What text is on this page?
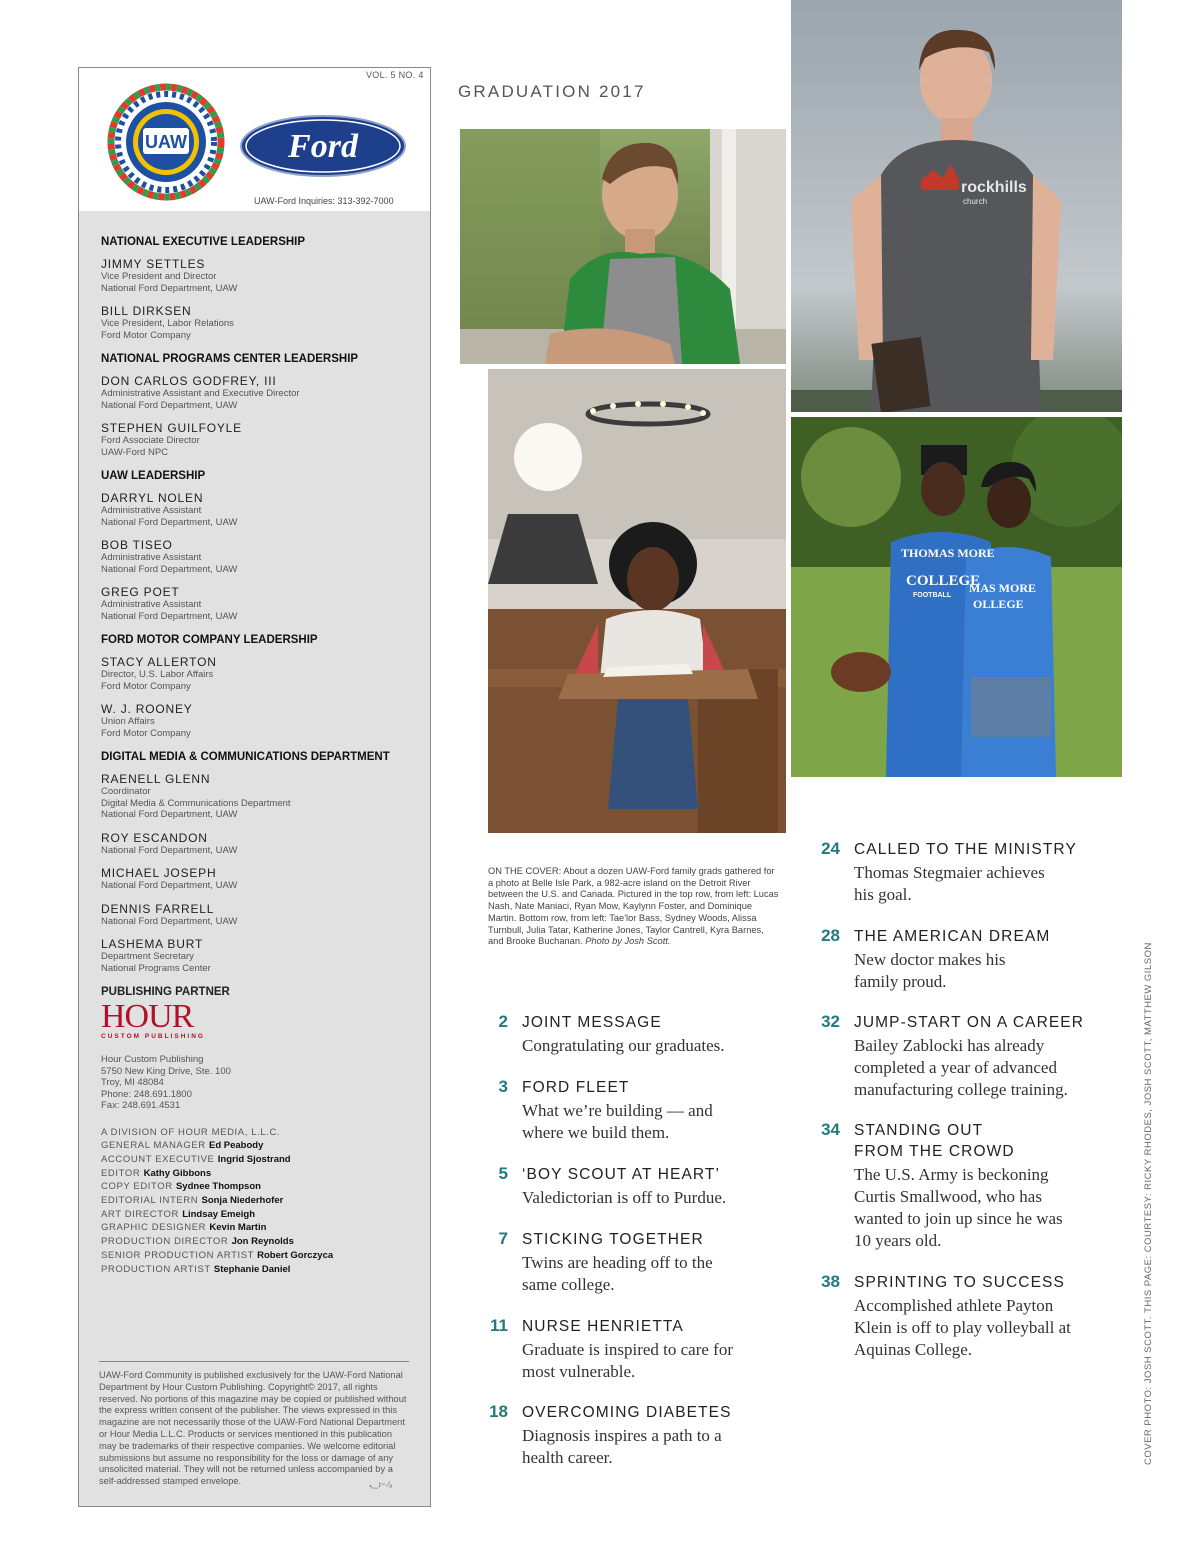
VOL. 5 NO. 4
UAW	Ford
UAW-Ford Inquiries: 313-392-7000
NATIONAL EXECUTIVE LEADERSHIP
JIMMY SETTLES
Vice President and Director
National Ford Department, UAW
BILL DIRKSEN
Vice President, Labor Relations
Ford Motor Company
NATIONAL PROGRAMS CENTER LEADERSHIP
DON CARLOS GODFREY, III
Administrative Assistant and Executive Director
National Ford Department, UAW
STEPHEN GUILFOYLE
Ford Associate Director
UAW-Ford NPC
UAW LEADERSHIP
DARRYL NOLEN
Administrative Assistant
National Ford Department, UAW
BOB TISEO
Administrative Assistant
National Ford Department, UAW
GREG POET
Administrative Assistant
National Ford Department, UAW
FORD MOTOR COMPANY LEADERSHIP
STACY ALLERTON
Director, U.S. Labor Affairs
Ford Motor Company
W. J. ROONEY
Union Affairs
Ford Motor Company
DIGITAL MEDIA & COMMUNICATIONS DEPARTMENT
RAENELL GLENN
Coordinator
Digital Media & Communications Department
National Ford Department, UAW
ROY ESCANDON
National Ford Department, UAW
MICHAEL JOSEPH
National Ford Department, UAW
DENNIS FARRELL
National Ford Department, UAW
LASHEMA BURT
Department Secretary
National Programs Center
PUBLISHING PARTNER
HOUR
CUSTOM PUBLISHING
Hour Custom Publishing
5750 New King Drive, Ste. 100
Troy, MI 48084
Phone: 248.691.1800
Fax: 248.691.4531
A DIVISION OF HOUR MEDIA, L.L.C.
GENERAL MANAGER Ed Peabody
ACCOUNT EXECUTIVE Ingrid Sjostrand
EDITOR Kathy Gibbons
COPY EDITOR Sydnee Thompson
EDITORIAL INTERN Sonja Niederhofer
ART DIRECTOR Lindsay Emeigh
GRAPHIC DESIGNER Kevin Martin
PRODUCTION DIRECTOR Jon Reynolds
SENIOR PRODUCTION ARTIST Robert Gorczyca
PRODUCTION ARTIST Stephanie Daniel
UAW-Ford Community is published exclusively for the UAW-Ford National Department by Hour Custom Publishing. Copyright© 2017, all rights reserved. No portions of this magazine may be copied or published without the express written consent of the publisher. The views expressed in this magazine are not necessarily those of the UAW-Ford National Department or Hour Media L.L.C. Products or services mentioned in this publication may be trademarks of their respective companies. We welcome editorial submissions but assume no responsibility for the loss or damage of any unsolicited material. They will not be returned unless accompanied by a self-addressed stamped envelope.	ܐ‿ܢ~ ⁄ₐ
GRADUATION 2017
rockhills
church
THOMAS MORE
COLLEGE
FOOTBALL
MAS MORE
OLLEGE
ON THE COVER: About a dozen UAW-Ford family grads gathered for a photo at Belle Isle Park, a 982-acre island on the Detroit River between the U.S. and Canada. Pictured in the top row, from left: Lucas Nash, Nate Maniaci, Ryan Mow, Kaylynn Foster, and Dominique Martin. Bottom row, from left: Tae'lor Bass, Sydney Woods, Alissa Turnbull, Julia Tatar, Katherine Jones, Taylor Cantrell, Kyra Barnes, and Brooke Buchanan. Photo by Josh Scott.
2 JOINT MESSAGE
Congratulating our graduates.
3 FORD FLEET
What we’re building — and
where we build them.
5 ‘BOY SCOUT AT HEART’
Valedictorian is off to Purdue.
7 STICKING TOGETHER
Twins are heading off to the
same college.
11 NURSE HENRIETTA
Graduate is inspired to care for
most vulnerable.
18 OVERCOMING DIABETES
Diagnosis inspires a path to a
health career.
24 CALLED TO THE MINISTRY
Thomas Stegmaier achieves
his goal.
28 THE AMERICAN DREAM
New doctor makes his
family proud.
32 JUMP-START ON A CAREER
Bailey Zablocki has already
completed a year of advanced
manufacturing college training.
34 STANDING OUT
FROM THE CROWD
The U.S. Army is beckoning
Curtis Smallwood, who has
wanted to join up since he was
10 years old.
38 SPRINTING TO SUCCESS
Accomplished athlete Payton
Klein is off to play volleyball at
Aquinas College.	COVER PHOTO: JOSH SCOTT. THIS PAGE: COURTESY: RICKY RHODES, JOSH SCOTT, MATTHEW GILSON
